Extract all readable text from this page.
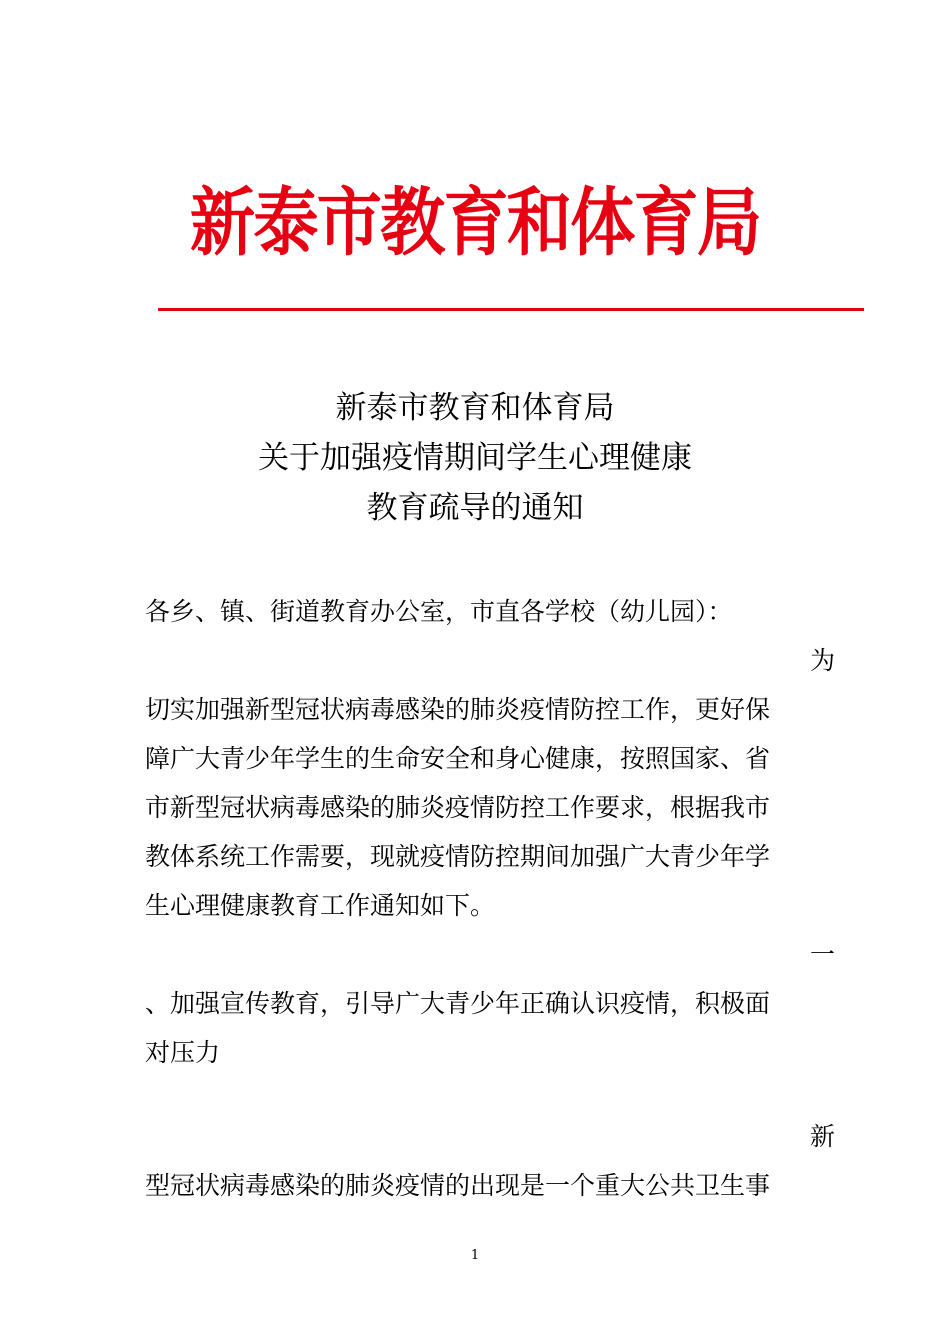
新泰市教育和体育局
新泰市教育和体育局
关于加强疫情期间学生心理健康
教育疏导的通知
各乡、镇、街道教育办公室，市直各学校（幼儿园）：
为
切实加强新型冠状病毒感染的肺炎疫情防控工作，更好保
障广大青少年学生的生命安全和身心健康，按照国家、省
市新型冠状病毒感染的肺炎疫情防控工作要求，根据我市
教体系统工作需要，现就疫情防控期间加强广大青少年学
生心理健康教育工作通知如下。
一
、加强宣传教育，引导广大青少年正确认识疫情，积极面
对压力
新
型冠状病毒感染的肺炎疫情的出现是一个重大公共卫生事
1
